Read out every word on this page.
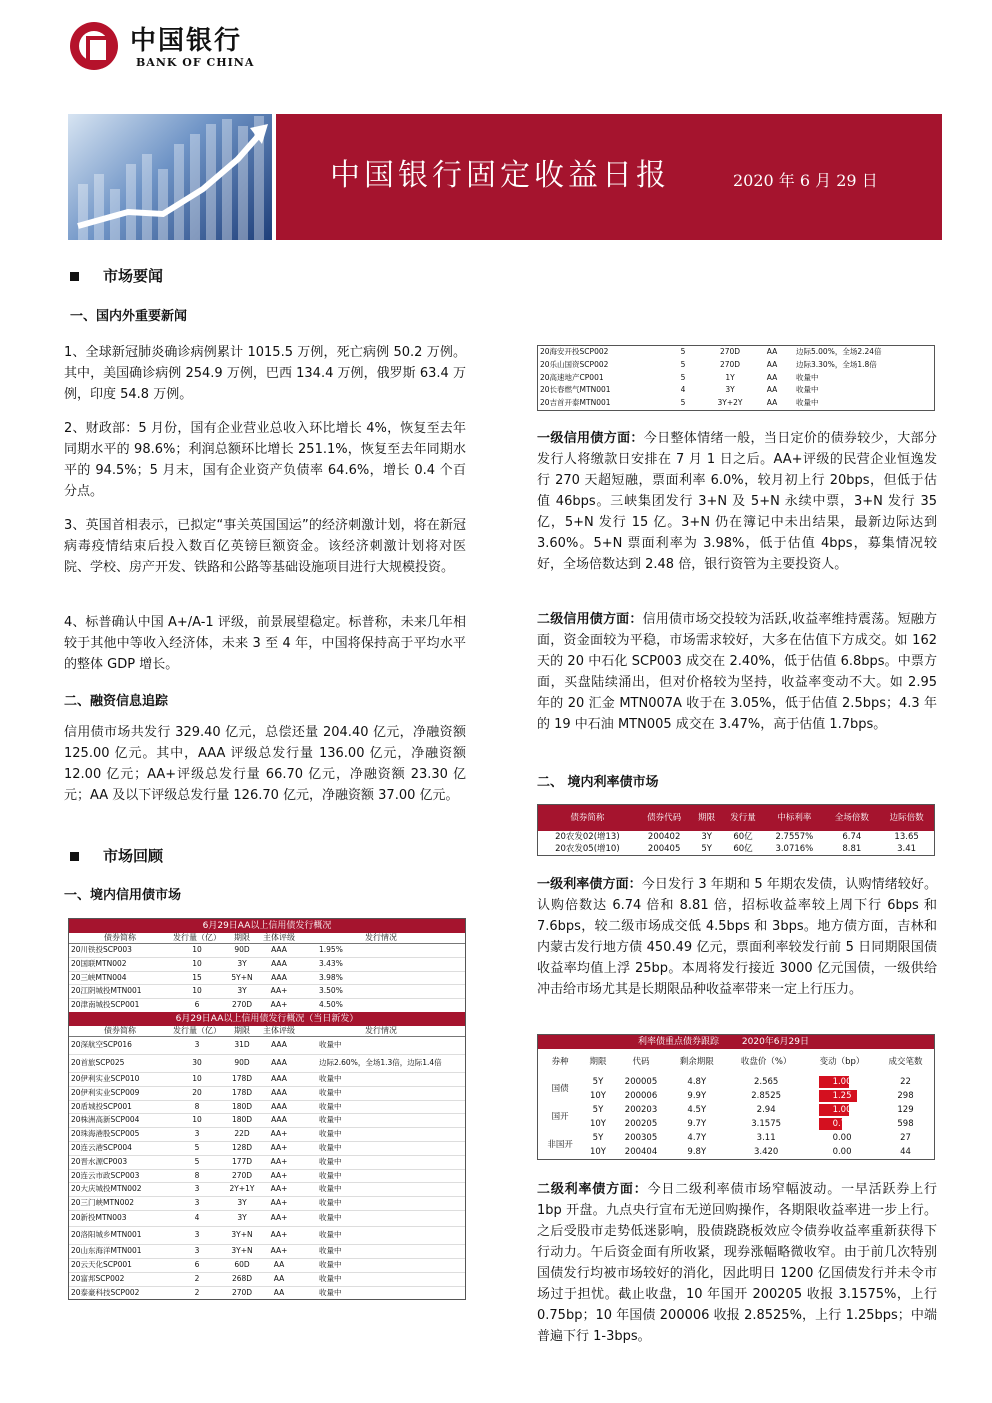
中国银行
BANK OF CHINA
中国银行固定收益日报	2020 年 6 月 29 日
市场要闻
一、国内外重要新闻
1、全球新冠肺炎确诊病例累计 1015.5 万例，死亡病例 50.2 万例。其中，美国确诊病例 254.9 万例，巴西 134.4 万例，俄罗斯 63.4 万例，印度 54.8 万例。
2、财政部：5 月份，国有企业营业总收入环比增长 4%，恢复至去年同期水平的 98.6%；利润总额环比增长 251.1%，恢复至去年同期水平的 94.5%；5 月末，国有企业资产负债率 64.6%，增长 0.4 个百分点。
3、英国首相表示，已拟定“事关英国国运”的经济刺激计划，将在新冠病毒疫情结束后投入数百亿英镑巨额资金。该经济刺激计划将对医院、学校、房产开发、铁路和公路等基础设施项目进行大规模投资。
4、标普确认中国 A+/A-1 评级，前景展望稳定。标普称，未来几年相较于其他中等收入经济体，未来 3 至 4 年，中国将保持高于平均水平的整体 GDP 增长。
二、融资信息追踪
信用债市场共发行 329.40 亿元，总偿还量 204.40 亿元，净融资额 125.00 亿元。其中，AAA 评级总发行量 136.00 亿元，净融资额 12.00 亿元；AA+评级总发行量 66.70 亿元，净融资额 23.30 亿元；AA 及以下评级总发行量 126.70 亿元，净融资额 37.00 亿元。
市场回顾
一、境内信用债市场
6月29日AA以上信用债发行概况
债券简称	发行量（亿）	期限	主体评级	发行情况
20川铁投SCP003	10	90D	AAA	1.95%
20国联MTN002	10	3Y	AAA	3.43%
20三峡MTN004	15	5Y+N	AAA	3.98%
20江阴城投MTN001	10	3Y	AA+	3.50%
20津南城投SCP001	6	270D	AA+	4.50%
6月29日AA以上信用债发行概况（当日新发）
债券简称	发行量（亿）	期限	主体评级	发行情况
20深航空SCP016	3	31D	AAA	收量中
20首旅SCP025	30	90D	AAA	边际2.60%，全场1.3倍，边际1.4倍
20伊利实业SCP010	10	178D	AAA	收量中
20伊利实业SCP009	20	178D	AAA	收量中
20盾城投SCP001	8	180D	AAA	收量中
20株洲高新SCP004	10	180D	AAA	收量中
20珠海港股SCP005	3	22D	AA+	收量中
20连云港SCP004	5	128D	AA+	收量中
20晋水源CP003	5	177D	AA+	收量中
20连云市政SCP003	8	270D	AA+	收量中
20大庆城投MTN002	3	2Y+1Y	AA+	收量中
20三门峡MTN002	3	3Y	AA+	收量中
20新投MTN003	4	3Y	AA+	收量中
20洛阳城乡MTN001	3	3Y+N	AA+	收量中
20山东海洋MTN001	3	3Y+N	AA+	收量中
20云天化SCP001	6	60D	AA	收量中
20富邦SCP002	2	268D	AA	收量中
20泰豪科技SCP002	2	270D	AA	收量中
20海安开投SCP002	5	270D	AA	边际5.00%，全场2.24倍
20乐山国资SCP002	5	270D	AA	边际3.30%，全场1.8倍
20高速地产CP001	5	1Y	AA	收量中
20长春燃气MTN001	4	3Y	AA	收量中
20吉首开泰MTN001	5	3Y+2Y	AA	收量中
一级信用债方面：今日整体情绪一般，当日定价的债券较少，大部分发行人将缴款日安排在 7 月 1 日之后。AA+评级的民营企业恒逸发行 270 天超短融，票面利率 6.0%，较月初上行 20bps，但低于估值 46bps。三峡集团发行 3+N 及 5+N 永续中票，3+N 发行 35 亿，5+N 发行 15 亿。3+N 仍在簿记中未出结果，最新边际达到 3.60%。5+N 票面利率为 3.98%，低于估值 4bps，募集情况较好，全场倍数达到 2.48 倍，银行资管为主要投资人。
二级信用债方面：信用债市场交投较为活跃,收益率维持震荡。短融方面，资金面较为平稳，市场需求较好，大多在估值下方成交。如 162 天的 20 中石化 SCP003 成交在 2.40%，低于估值 6.8bps。中票方面，买盘陆续涌出，但对价格较为坚持，收益率变动不大。如 2.95 年的 20 汇金 MTN007A 收于在 3.05%，低于估值 2.5bps；4.3 年的 19 中石油 MTN005 成交在 3.47%，高于估值 1.7bps。
二、 境内利率债市场
债券简称	债券代码	期限	发行量	中标利率	全场倍数	边际倍数
20农发02(增13)	200402	3Y	60亿	2.7557%	6.74	13.65
20农发05(增10)	200405	5Y	60亿	3.0716%	8.81	3.41
一级利率债方面：今日发行 3 年期和 5 年期农发债，认购情绪较好。认购倍数达 6.74 倍和 8.81 倍，招标收益率较上周下行 6bps 和 7.6bps，较二级市场成交低 4.5bps 和 3bps。地方债方面，吉林和内蒙古发行地方债 450.49 亿元，票面利率较发行前 5 日同期限国债收益率均值上浮 25bp。本周将发行接近 3000 亿元国债，一级供给冲击给市场尤其是长期限品种收益率带来一定上行压力。
利率债重点债券跟踪	2020年6月29日
券种	期限	代码	剩余期限	收盘价（%）	变动（bp）	成交笔数
国债	5Y	200005	4.8Y	2.565	1.00	22
	10Y	200006	9.9Y	2.8525	1.25	298
国开	5Y	200203	4.5Y	2.94	1.00	129
	10Y	200205	9.7Y	3.1575	0.75	598
非国开	5Y	200305	4.7Y	3.11	0.00	27
	10Y	200404	9.8Y	3.420	0.00	44
二级利率债方面：今日二级利率债市场窄幅波动。一早活跃券上行 1bp 开盘。九点央行宣布无逆回购操作，各期限收益率进一步上行。之后受股市走势低迷影响，股债跷跷板效应令债券收益率重新获得下行动力。午后资金面有所收紧，现券涨幅略微收窄。由于前几次特别国债发行均被市场较好的消化，因此明日 1200 亿国债发行并未令市场过于担忧。截止收盘，10 年国开 200205 收报 3.1575%，上行 0.75bp；10 年国债 200006 收报 2.8525%，上行 1.25bps；中端普遍下行 1-3bps。
